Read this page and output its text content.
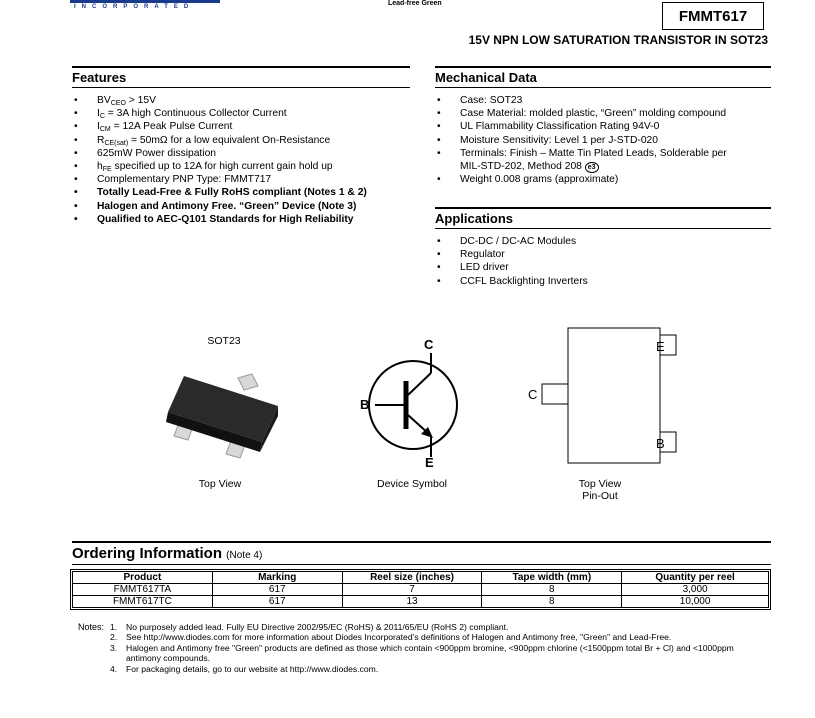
INCORPORATED	Lead-free Green
FMMT617
15V NPN LOW SATURATION TRANSISTOR IN SOT23
Features
• $BV_{CEO} > 15V$
• $I_C = 3A$ high Continuous Collector Current
• $I_{CM} = 12A$ Peak Pulse Current
• $R_{CE(sat)} = 50m\Omega$ for a low equivalent On-Resistance
• 625mW Power dissipation
• $h_{FE}$ specified up to 12A for high current gain hold up
• Complementary PNP Type: FMMT717
• Totally Lead-Free & Fully RoHS compliant (Notes 1 & 2)
• Halogen and Antimony Free. “Green” Device (Note 3)
• Qualified to AEC-Q101 Standards for High Reliability
Mechanical Data
• Case: SOT23
• Case Material: molded plastic, “Green” molding compound
• UL Flammability Classification Rating 94V-0
• Moisture Sensitivity: Level 1 per J-STD-020
• Terminals: Finish – Matte Tin Plated Leads, Solderable per MIL-STD-202, Method 208 e3
• Weight 0.008 grams (approximate)
Applications
• DC-DC / DC-AC Modules
• Regulator
• LED driver
• CCFL Backlighting Inverters
SOT23
Top View
C
B
E
Device Symbol
E
C
B
Top View
Pin-Out
Ordering Information (Note 4)
Product	Marking	Reel size (inches)	Tape width (mm)	Quantity per reel
FMMT617TA	617	7	8	3,000
FMMT617TC	617	13	8	10,000
Notes: 1. No purposely added lead. Fully EU Directive 2002/95/EC (RoHS) & 2011/65/EU (RoHS 2) compliant.
2. See http://www.diodes.com for more information about Diodes Incorporated’s definitions of Halogen and Antimony free, "Green" and Lead-Free.
3. Halogen and Antimony free "Green" products are defined as those which contain <900ppm bromine, <900ppm chlorine (<1500ppm total Br + Cl) and <1000ppm antimony compounds.
4. For packaging details, go to our website at http://www.diodes.com.
